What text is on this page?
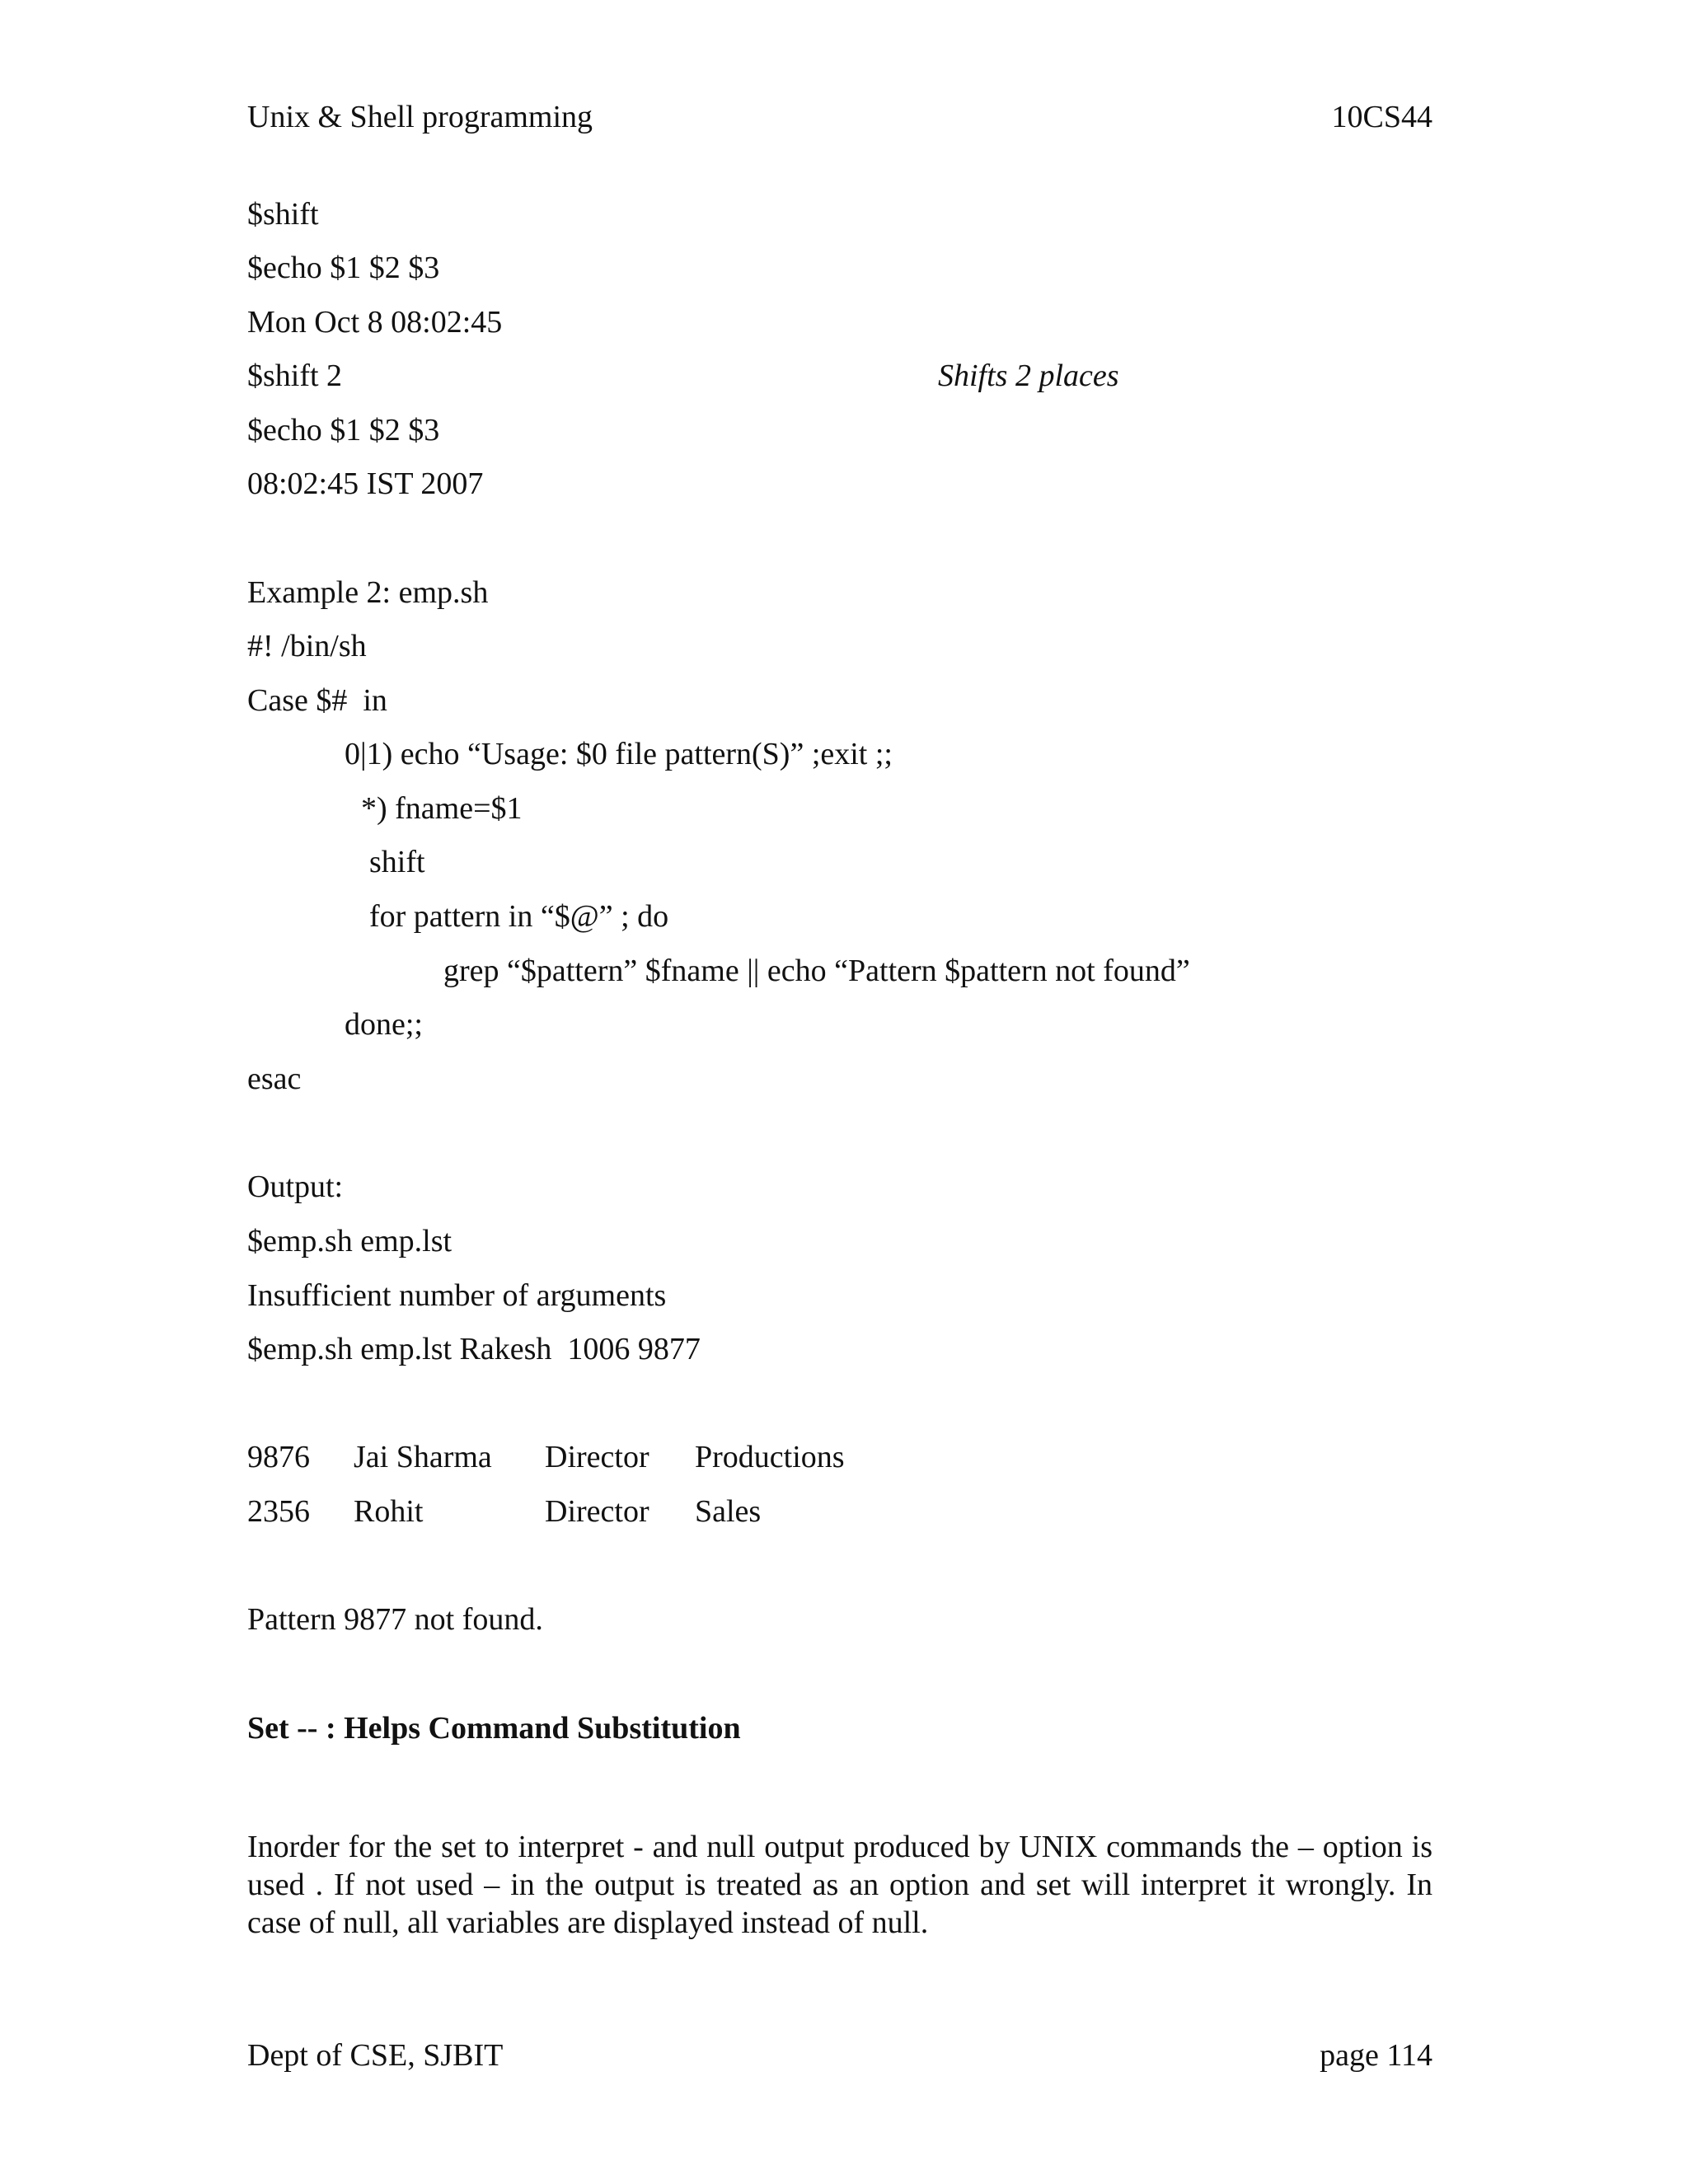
Unix & Shell programming	10CS44
$shift
$echo $1 $2 $3
Mon Oct 8 08:02:45
$shift 2	Shifts 2 places
$echo $1 $2 $3
08:02:45 IST 2007
Example 2: emp.sh
#! /bin/sh
Case $#  in
0|1) echo “Usage: $0 file pattern(S)” ;exit ;;
*) fname=$1
shift
for pattern in “$@” ; do
grep “$pattern” $fname || echo “Pattern $pattern not found”
done;;
esac
Output:
$emp.sh emp.lst
Insufficient number of arguments
$emp.sh emp.lst Rakesh  1006 9877
9876 Jai Sharma Director Productions
2356 Rohit	Director Sales
Pattern 9877 not found.
Set -- : Helps Command Substitution
Inorder for the set to interpret - and null output produced by UNIX commands the – option is used . If not used – in the output is treated as an option and set will interpret it wrongly. In case of null, all variables are displayed instead of null.
Dept of CSE, SJBIT	page 114
